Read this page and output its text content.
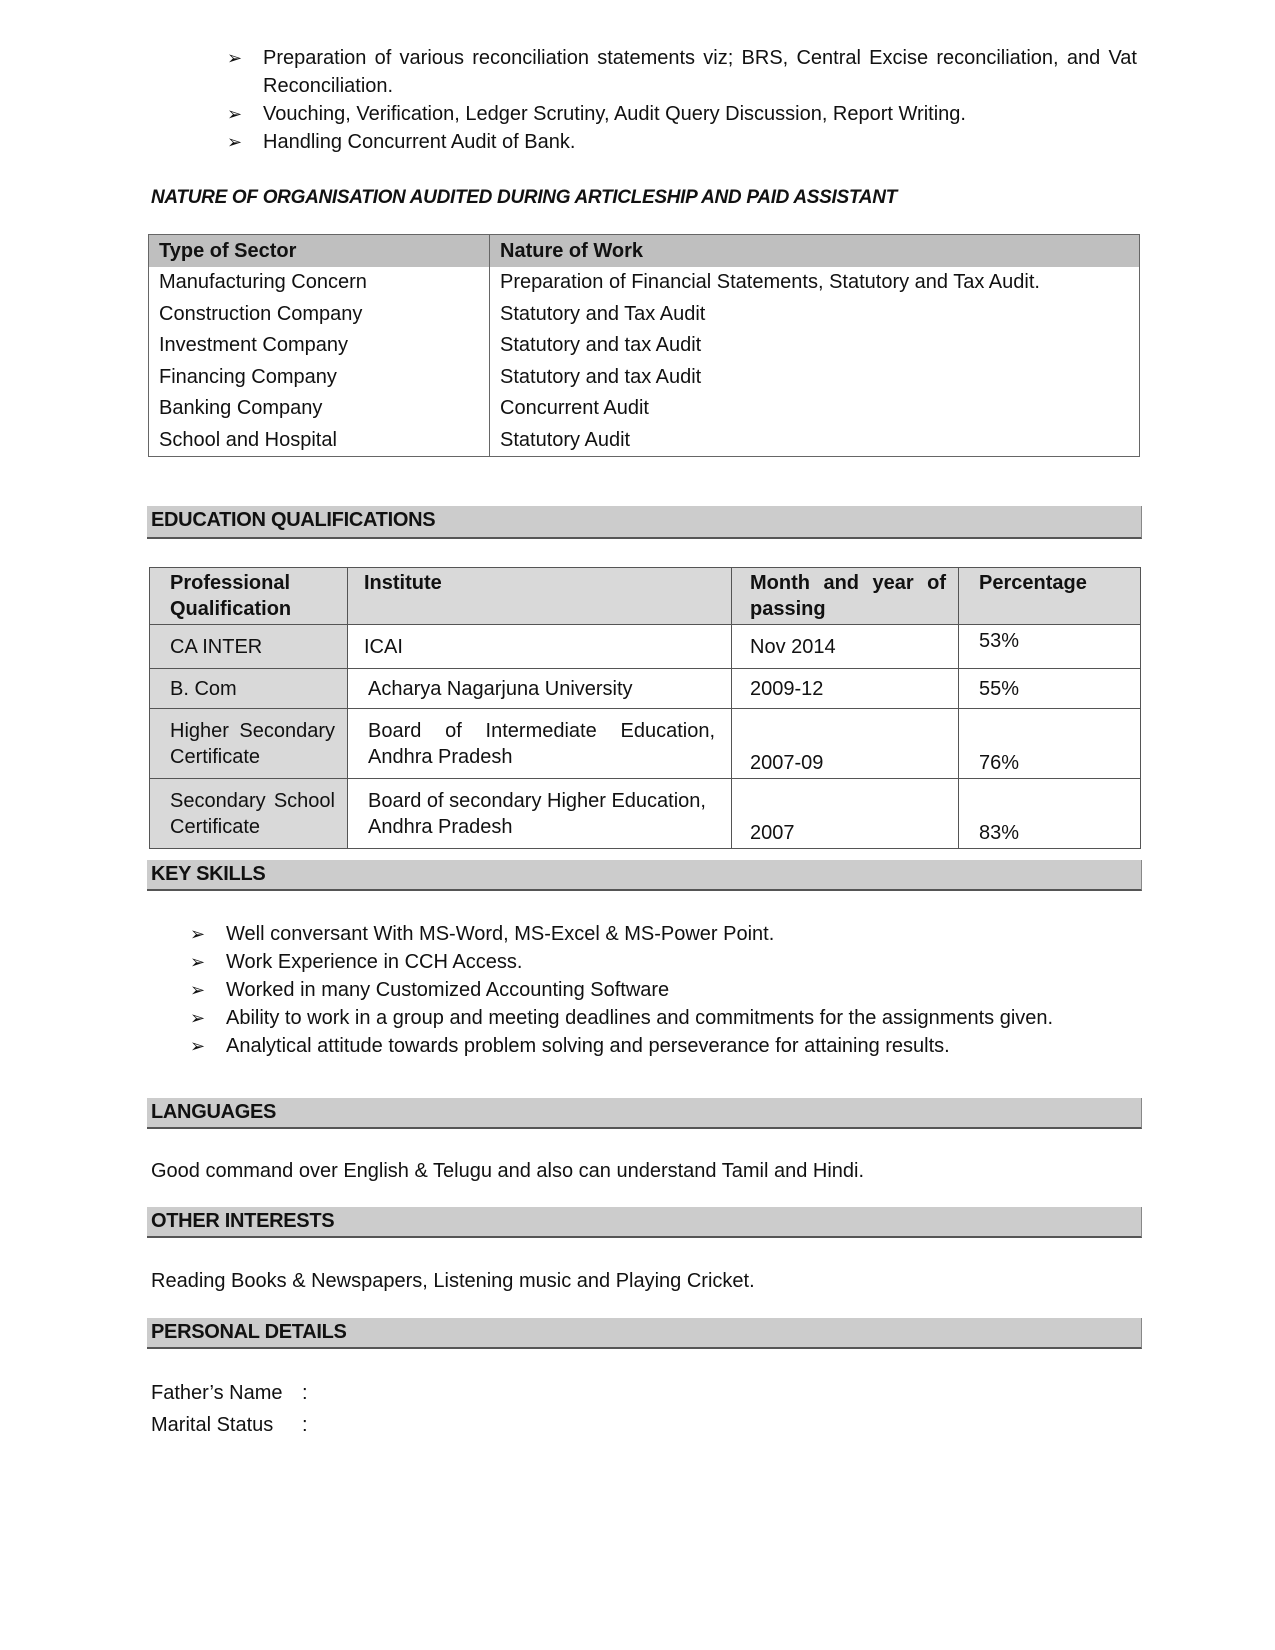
➢ Preparation of various reconciliation statements viz; BRS, Central Excise reconciliation, and Vat Reconciliation.
➢ Vouching, Verification, Ledger Scrutiny, Audit Query Discussion, Report Writing.
➢ Handling Concurrent Audit of Bank.
NATURE OF ORGANISATION AUDITED DURING ARTICLESHIP AND PAID ASSISTANT
Type of Sector	Nature of Work
Manufacturing Concern	Preparation of Financial Statements, Statutory and Tax Audit.
Construction Company	Statutory and Tax Audit
Investment Company	Statutory and tax Audit
Financing Company	Statutory and tax Audit
Banking Company	Concurrent Audit
School and Hospital	Statutory Audit
EDUCATION QUALIFICATIONS
Professional Qualification	Institute	Month and year of passing	Percentage
CA INTER	ICAI	Nov 2014	53%
B. Com	Acharya Nagarjuna University	2009-12	55%
Higher Secondary Certificate	Board of Intermediate Education, Andhra Pradesh	2007-09	76%
Secondary School Certificate	Board of secondary Higher Education, Andhra Pradesh	2007	83%
KEY SKILLS
➢ Well conversant With MS-Word, MS-Excel & MS-Power Point.
➢ Work Experience in CCH Access.
➢ Worked in many Customized Accounting Software
➢ Ability to work in a group and meeting deadlines and commitments for the assignments given.
➢ Analytical attitude towards problem solving and perseverance for attaining results.
LANGUAGES
Good command over English & Telugu and also can understand Tamil and Hindi.
OTHER INTERESTS
Reading Books & Newspapers, Listening music and Playing Cricket.
PERSONAL DETAILS
Father’s Name :
Marital Status :
